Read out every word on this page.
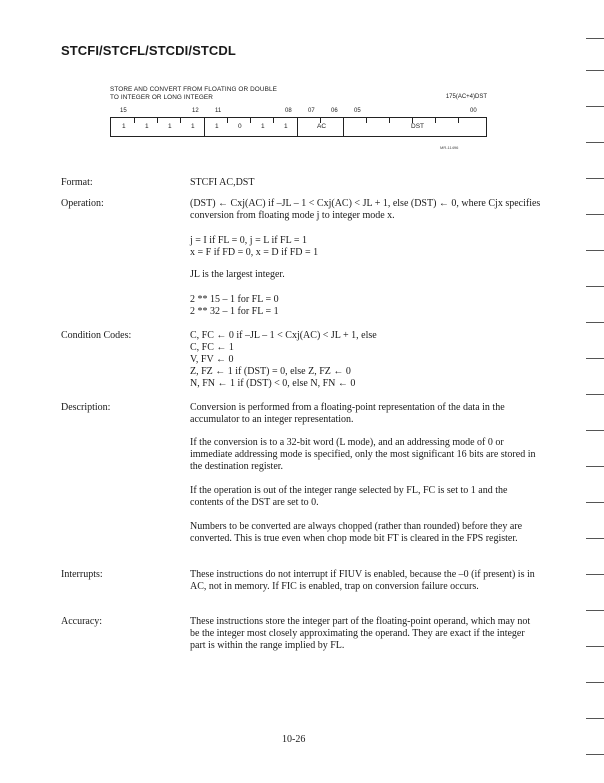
STCFI/STCFL/STCDI/STCDL
STORE AND CONVERT FROM FLOATING OR DOUBLE
TO INTEGER OR LONG INTEGER	175(AC+4)DST
15	12	11	08	07	06	05	00
1	1	1	1	1	0	1	1	AC	DST
MR-11496
Format:	STCFI AC,DST
Operation:	(DST) ← Cxj(AC) if –JL – 1 < Cxj(AC) < JL + 1, else (DST) ← 0, where Cjx specifies conversion from floating mode j to integer mode x.
j = I if FL = 0, j = L if FL = 1
x = F if FD = 0, x = D if FD = 1
JL is the largest integer.
2 ** 15 – 1 for FL = 0
2 ** 32 – 1 for FL = 1
Condition Codes:	C, FC ← 0 if –JL – 1 < Cxj(AC) < JL + 1, else
C, FC ← 1
V, FV ← 0
Z, FZ ← 1 if (DST) = 0, else Z, FZ ← 0
N, FN ← 1 if (DST) < 0, else N, FN ← 0
Description:	Conversion is performed from a floating-point representation of the data in the accumulator to an integer representation.
If the conversion is to a 32-bit word (L mode), and an addressing mode of 0 or immediate addressing mode is specified, only the most significant 16 bits are stored in the destination register.
If the operation is out of the integer range selected by FL, FC is set to 1 and the contents of the DST are set to 0.
Numbers to be converted are always chopped (rather than rounded) before they are converted. This is true even when chop mode bit FT is cleared in the FPS register.
Interrupts:	These instructions do not interrupt if FIUV is enabled, because the –0 (if present) is in AC, not in memory. If FIC is enabled, trap on conversion failure occurs.
Accuracy:	These instructions store the integer part of the floating-point operand, which may not be the integer most closely approximating the operand. They are exact if the integer part is within the range implied by FL.
10-26
